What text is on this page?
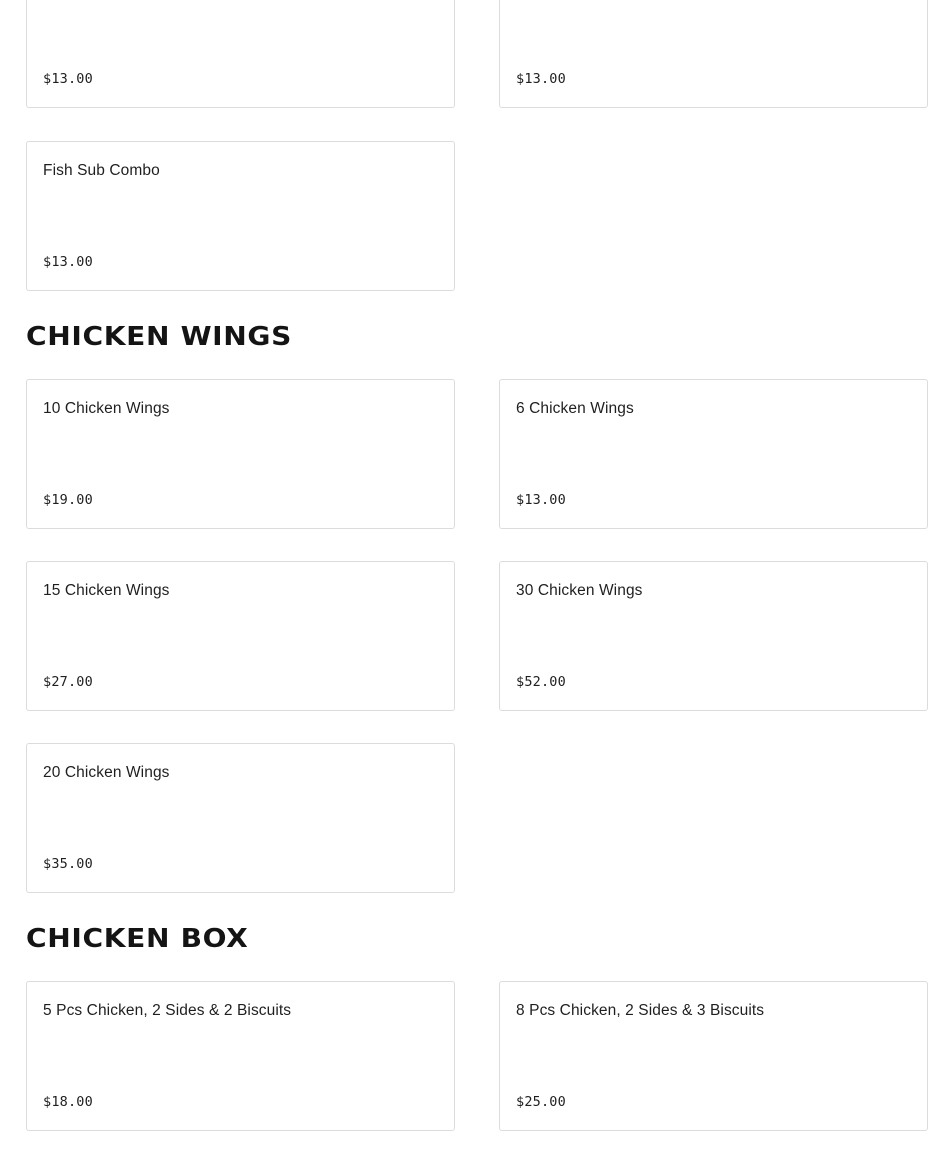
$13.00	$13.00
Fish Sub Combo
$13.00
CHICKEN WINGS
10 Chicken Wings
$19.00
6 Chicken Wings
$13.00
15 Chicken Wings
$27.00
30 Chicken Wings
$52.00
20 Chicken Wings
$35.00
CHICKEN BOX
5 Pcs Chicken, 2 Sides & 2 Biscuits
$18.00
8 Pcs Chicken, 2 Sides & 3 Biscuits
$25.00
